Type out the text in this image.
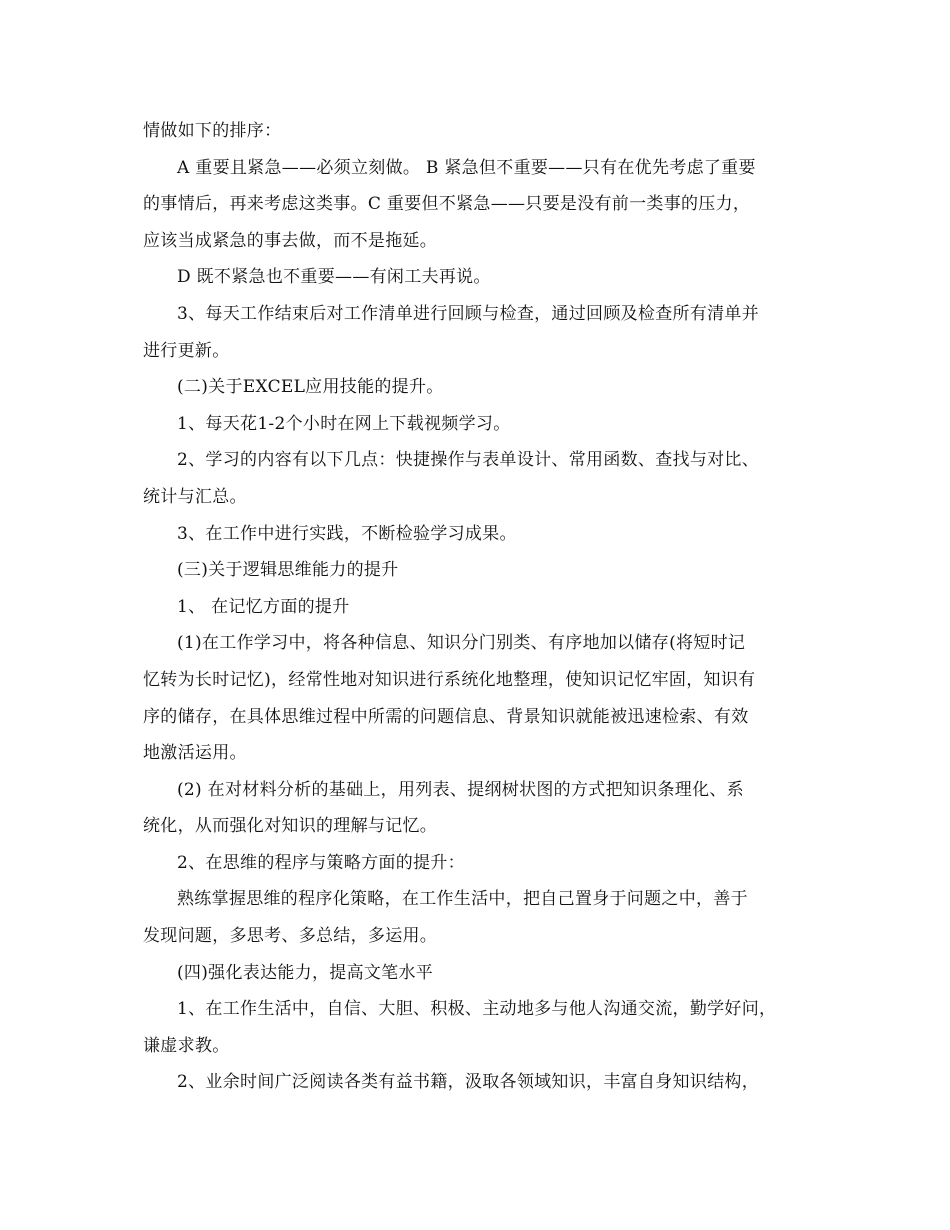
情做如下的排序：
A 重要且紧急——必须立刻做。 B 紧急但不重要——只有在优先考虑了重要
的事情后，再来考虑这类事。C 重要但不紧急——只要是没有前一类事的压力，
应该当成紧急的事去做，而不是拖延。
D 既不紧急也不重要——有闲工夫再说。
3、每天工作结束后对工作清单进行回顾与检查，通过回顾及检查所有清单并
进行更新。
(二)关于EXCEL应用技能的提升。
1、每天花1-2个小时在网上下载视频学习。
2、学习的内容有以下几点：快捷操作与表单设计、常用函数、查找与对比、
统计与汇总。
3、在工作中进行实践，不断检验学习成果。
(三)关于逻辑思维能力的提升
1、 在记忆方面的提升
(1)在工作学习中，将各种信息、知识分门别类、有序地加以储存(将短时记
忆转为长时记忆)，经常性地对知识进行系统化地整理，使知识记忆牢固，知识有
序的储存，在具体思维过程中所需的问题信息、背景知识就能被迅速检索、有效
地激活运用。
(2) 在对材料分析的基础上，用列表、提纲树状图的方式把知识条理化、系
统化，从而强化对知识的理解与记忆。
2、在思维的程序与策略方面的提升：
熟练掌握思维的程序化策略，在工作生活中，把自己置身于问题之中，善于
发现问题，多思考、多总结，多运用。
(四)强化表达能力，提高文笔水平
1、在工作生活中，自信、大胆、积极、主动地多与他人沟通交流，勤学好问，
谦虚求教。
2、业余时间广泛阅读各类有益书籍，汲取各领域知识，丰富自身知识结构，
